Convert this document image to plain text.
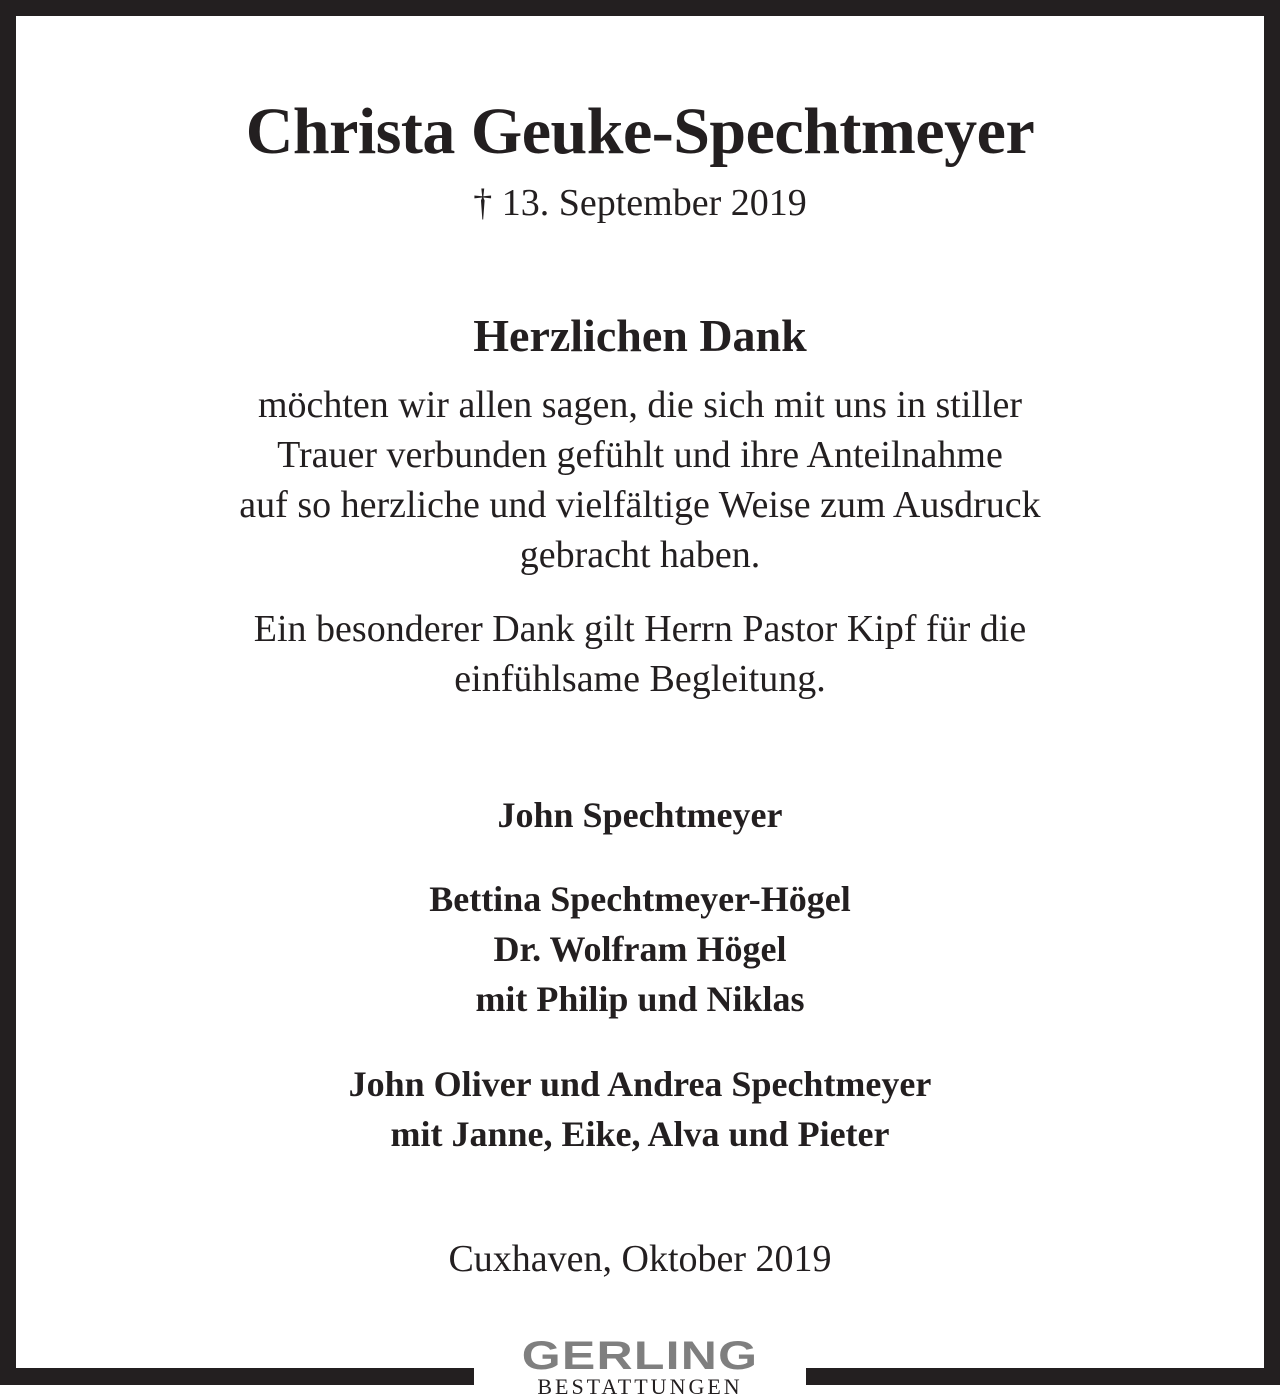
Christa Geuke-Spechtmeyer
† 13. September 2019
Herzlichen Dank
möchten wir allen sagen, die sich mit uns in stiller
Trauer verbunden gefühlt und ihre Anteilnahme
auf so herzliche und vielfältige Weise zum Ausdruck
gebracht haben.
Ein besonderer Dank gilt Herrn Pastor Kipf für die
einfühlsame Begleitung.
John Spechtmeyer
Bettina Spechtmeyer-Högel
Dr. Wolfram Högel
mit Philip und Niklas
John Oliver und Andrea Spechtmeyer
mit Janne, Eike, Alva und Pieter
Cuxhaven, Oktober 2019
GERLING
BESTATTUNGEN
